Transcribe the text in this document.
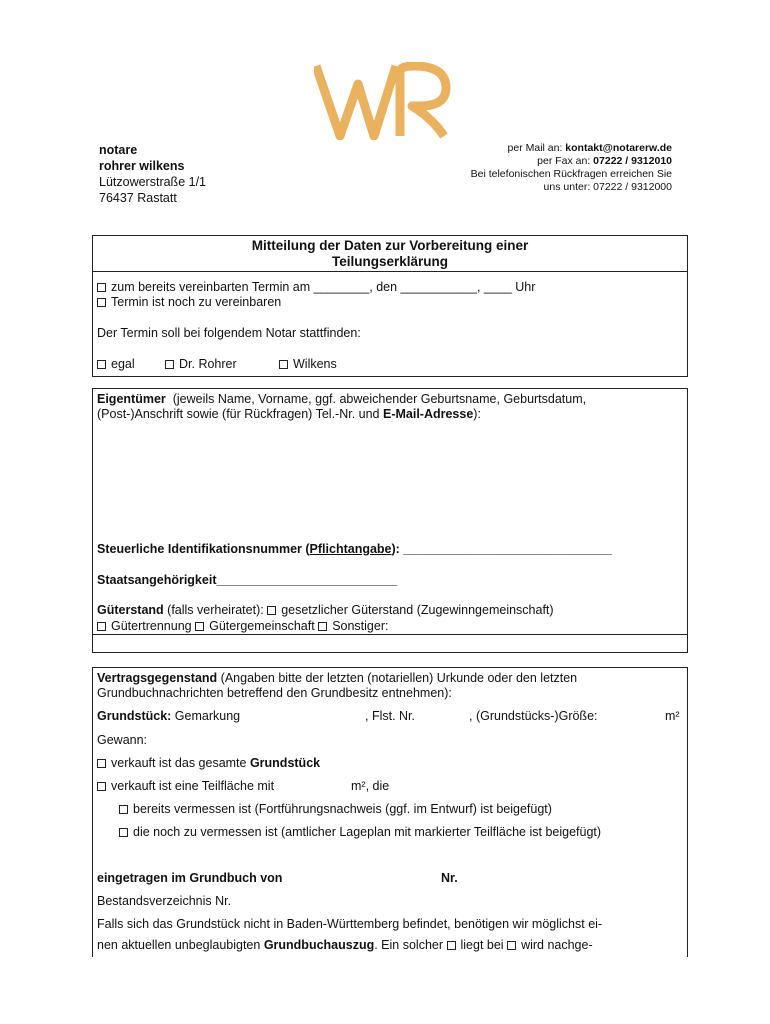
notare
rohrer wilkens
Lützowerstraße 1/1
76437 Rastatt
per Mail an: kontakt@notarerw.de
per Fax an: 07222 / 9312010
Bei telefonischen Rückfragen erreichen Sie
uns unter: 07222 / 9312000
Mitteilung der Daten zur Vorbereitung einer
Teilungserklärung
zum bereits vereinbarten Termin am ________, den ___________, ____ Uhr
Termin ist noch zu vereinbaren
Der Termin soll bei folgendem Notar stattfinden:
egal	Dr. Rohrer	Wilkens
Eigentümer (jeweils Name, Vorname, ggf. abweichender Geburtsname, Geburtsdatum,
(Post-)Anschrift sowie (für Rückfragen) Tel.-Nr. und E-Mail-Adresse):
Steuerliche Identifikationsnummer (Pflichtangabe): ______________________________
Staatsangehörigkeit__________________________
Güterstand (falls verheiratet): gesetzlicher Güterstand (Zugewinngemeinschaft)
Gütertrennung Gütergemeinschaft Sonstiger:
Vertragsgegenstand (Angaben bitte der letzten (notariellen) Urkunde oder den letzten
Grundbuchnachrichten betreffend den Grundbesitz entnehmen):
Grundstück: Gemarkung	, Flst. Nr.	, (Grundstücks-)Größe:	m²
Gewann:
verkauft ist das gesamte Grundstück
verkauft ist eine Teilfläche mit	m², die
bereits vermessen ist (Fortführungsnachweis (ggf. im Entwurf) ist beigefügt)
die noch zu vermessen ist (amtlicher Lageplan mit markierter Teilfläche ist beigefügt)
eingetragen im Grundbuch von	Nr.
Bestandsverzeichnis Nr.
Falls sich das Grundstück nicht in Baden-Württemberg befindet, benötigen wir möglichst ei-
nen aktuellen unbeglaubigten Grundbuchauszug. Ein solcher liegt bei wird nachge-
